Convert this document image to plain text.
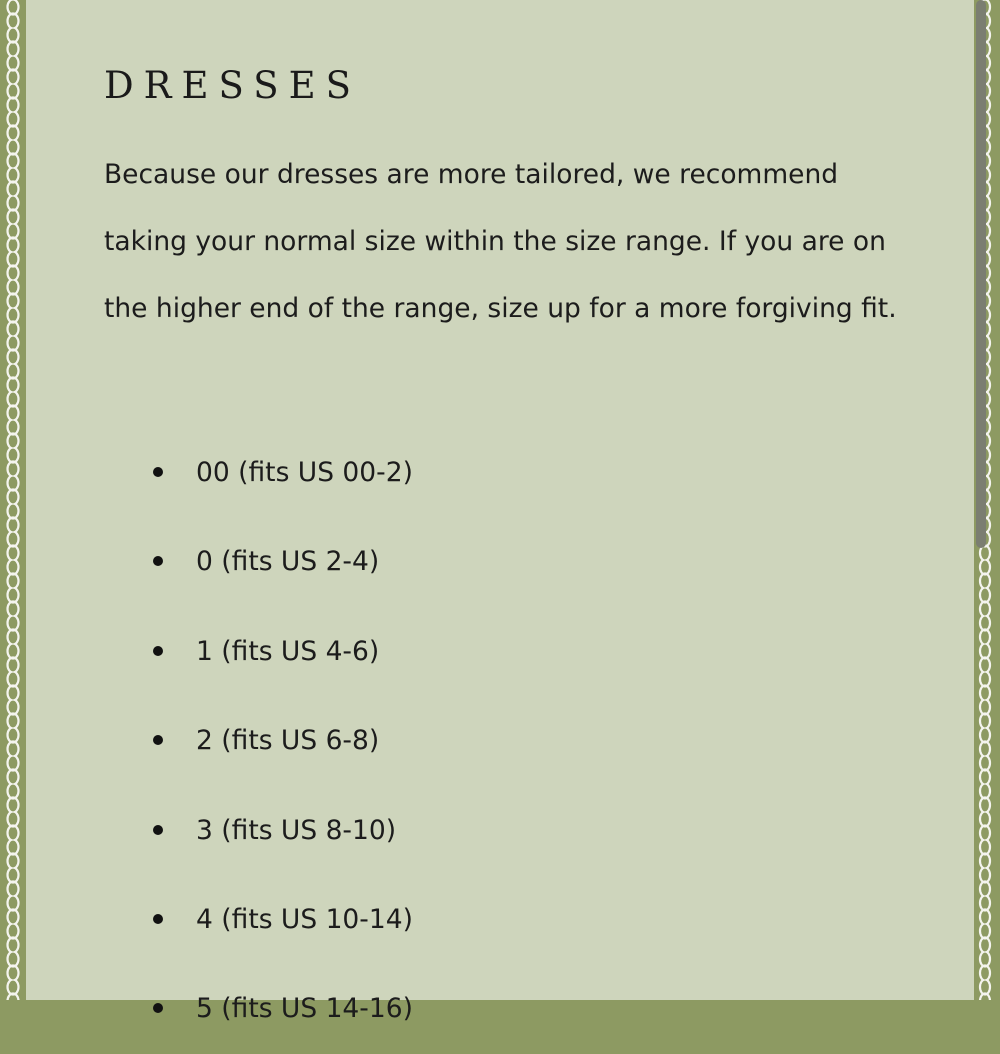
DRESSES

Because our dresses are more tailored, we recommend taking your normal size within the size range. If you are on the higher end of the range, size up for a more forgiving fit.

00 (fits US 00-2)
0 (fits US 2-4)
1 (fits US 4-6)
2 (fits US 6-8)
3 (fits US 8-10)
4 (fits US 10-14)
5 (fits US 14-16)
